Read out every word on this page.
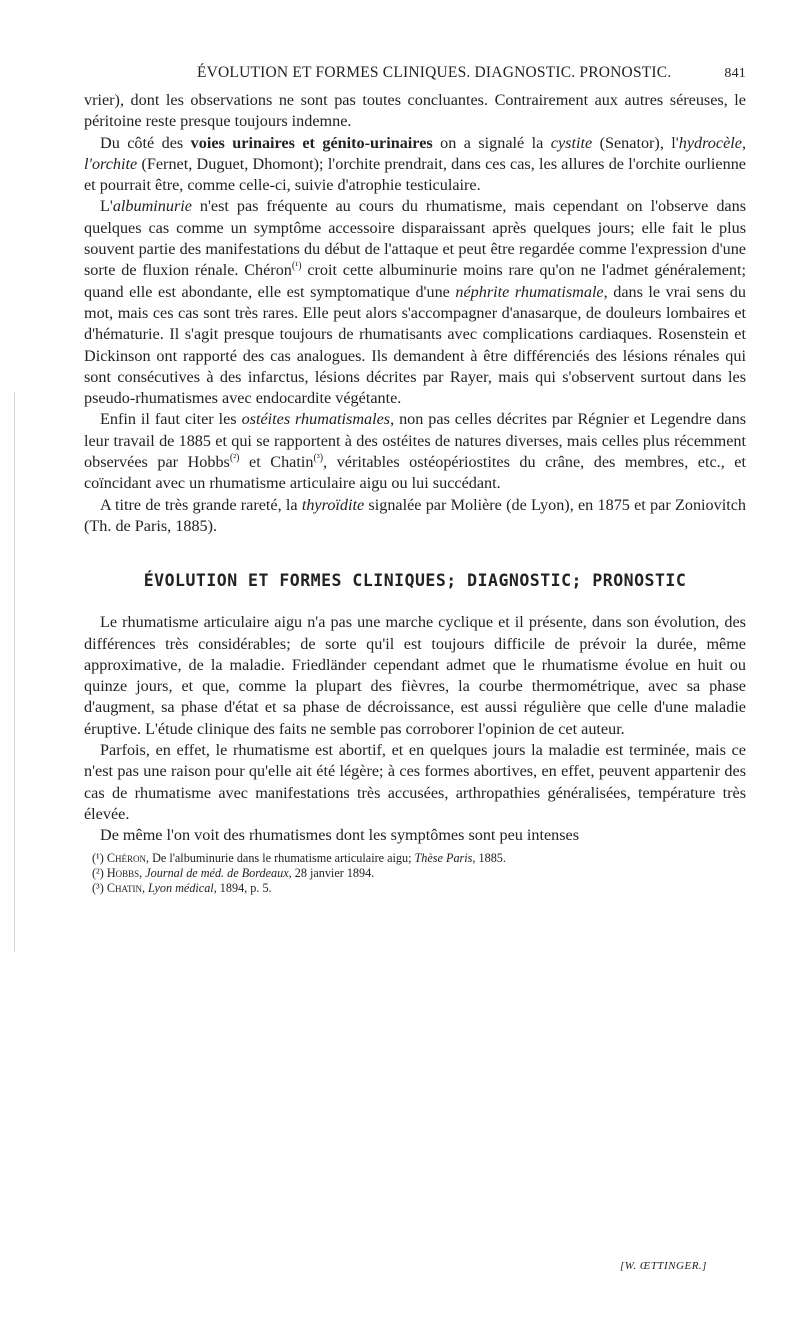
ÉVOLUTION ET FORMES CLINIQUES. DIAGNOSTIC. PRONOSTIC.	841

vrier), dont les observations ne sont pas toutes concluantes. Contrairement aux autres séreuses, le péritoine reste presque toujours indemne.

Du côté des voies urinaires et génito-urinaires on a signalé la cystite (Senator), l'hydrocèle, l'orchite (Fernet, Duguet, Dhomont); l'orchite prendrait, dans ces cas, les allures de l'orchite ourlienne et pourrait être, comme celle-ci, suivie d'atrophie testiculaire.

L'albuminurie n'est pas fréquente au cours du rhumatisme, mais cependant on l'observe dans quelques cas comme un symptôme accessoire disparaissant après quelques jours; elle fait le plus souvent partie des manifestations du début de l'attaque et peut être regardée comme l'expression d'une sorte de fluxion rénale. Chéron$^{(^1)}$ croit cette albuminurie moins rare qu'on ne l'admet généralement; quand elle est abondante, elle est symptomatique d'une néphrite rhumatismale, dans le vrai sens du mot, mais ces cas sont très rares. Elle peut alors s'accompagner d'anasarque, de douleurs lombaires et d'hématurie. Il s'agit presque toujours de rhumatisants avec complications cardiaques. Rosenstein et Dickinson ont rapporté des cas analogues. Ils demandent à être différenciés des lésions rénales qui sont consécutives à des infarctus, lésions décrites par Rayer, mais qui s'observent surtout dans les pseudo-rhumatismes avec endocardite végétante.

Enfin il faut citer les ostéites rhumatismales, non pas celles décrites par Régnier et Legendre dans leur travail de 1885 et qui se rapportent à des ostéites de natures diverses, mais celles plus récemment observées par Hobbs$^{(^2)}$ et Chatin$^{(^3)}$, véritables ostéopériostites du crâne, des membres, etc., et coïncidant avec un rhumatisme articulaire aigu ou lui succédant.

A titre de très grande rareté, la thyroïdite signalée par Molière (de Lyon), en 1875 et par Zoniovitch (Th. de Paris, 1885).

ÉVOLUTION ET FORMES CLINIQUES; DIAGNOSTIC; PRONOSTIC

Le rhumatisme articulaire aigu n'a pas une marche cyclique et il présente, dans son évolution, des différences très considérables; de sorte qu'il est toujours difficile de prévoir la durée, même approximative, de la maladie. Friedländer cependant admet que le rhumatisme évolue en huit ou quinze jours, et que, comme la plupart des fièvres, la courbe thermométrique, avec sa phase d'augment, sa phase d'état et sa phase de décroissance, est aussi régulière que celle d'une maladie éruptive. L'étude clinique des faits ne semble pas corroborer l'opinion de cet auteur.

Parfois, en effet, le rhumatisme est abortif, et en quelques jours la maladie est terminée, mais ce n'est pas une raison pour qu'elle ait été légère; à ces formes abortives, en effet, peuvent appartenir des cas de rhumatisme avec manifestations très accusées, arthropathies généralisées, température très élevée.

De même l'on voit des rhumatismes dont les symptômes sont peu intenses

(¹) Chéron, De l'albuminurie dans le rhumatisme articulaire aigu; Thèse Paris, 1885.

(²) Hobbs, Journal de méd. de Bordeaux, 28 janvier 1894.

(³) Chatin, Lyon médical, 1894, p. 5.

[W. ŒTTINGER.]
